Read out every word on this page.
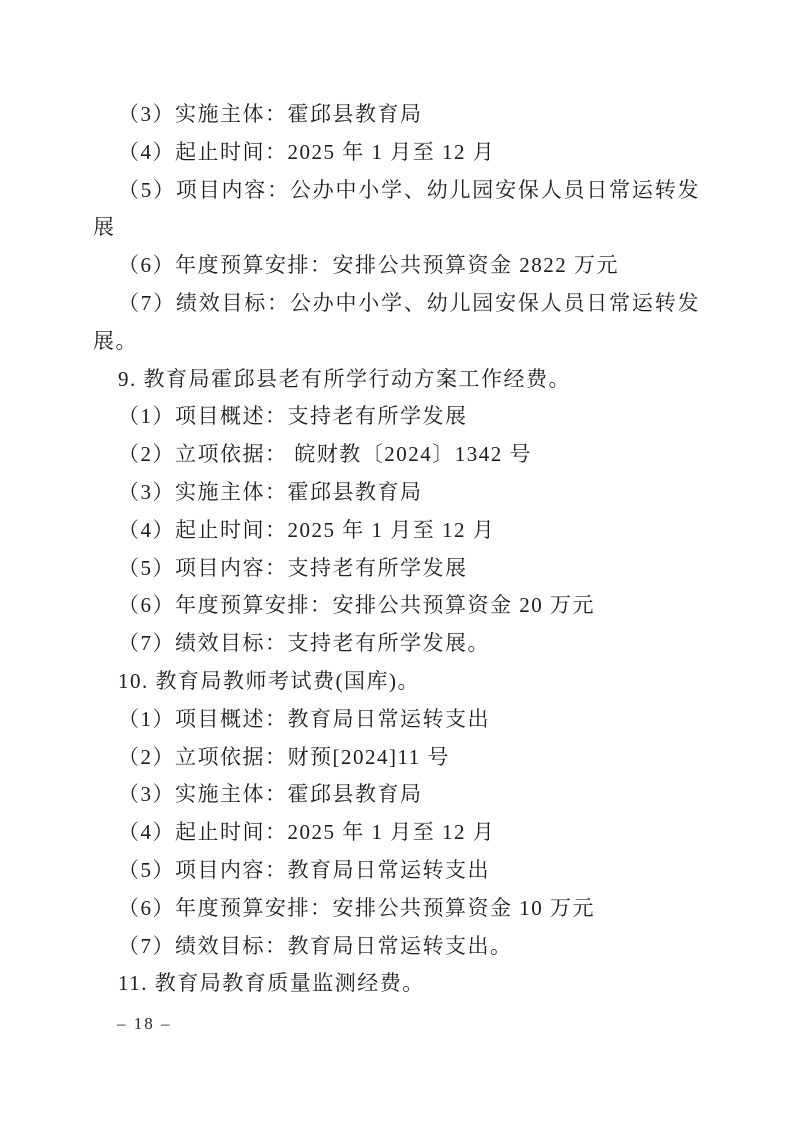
（3）实施主体：霍邱县教育局

（4）起止时间：2025 年 1 月至 12 月

（5）项目内容：公办中小学、幼儿园安保人员日常运转发展

（6）年度预算安排：安排公共预算资金 2822 万元

（7）绩效目标：公办中小学、幼儿园安保人员日常运转发展。

9. 教育局霍邱县老有所学行动方案工作经费。

（1）项目概述：支持老有所学发展

（2）立项依据： 皖财教〔2024〕1342 号

（3）实施主体：霍邱县教育局

（4）起止时间：2025 年 1 月至 12 月

（5）项目内容：支持老有所学发展

（6）年度预算安排：安排公共预算资金 20 万元

（7）绩效目标：支持老有所学发展。

10. 教育局教师考试费(国库)。

（1）项目概述：教育局日常运转支出

（2）立项依据：财预[2024]11 号

（3）实施主体：霍邱县教育局

（4）起止时间：2025 年 1 月至 12 月

（5）项目内容：教育局日常运转支出

（6）年度预算安排：安排公共预算资金 10 万元

（7）绩效目标：教育局日常运转支出。

11. 教育局教育质量监测经费。

– 18 –
